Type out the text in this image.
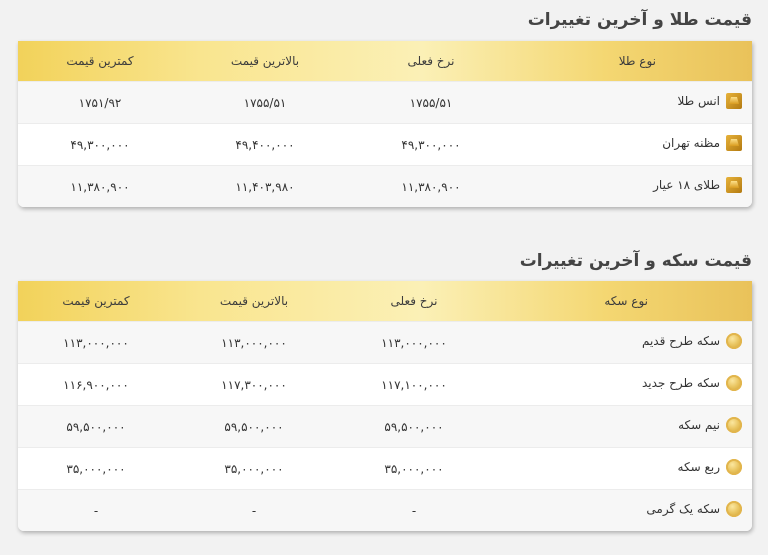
قیمت طلا و آخرین تغییرات
نوع طلا	نرخ فعلی	بالاترین قیمت	کمترین قیمت

انس طلا	۱۷۵۵/۵۱	۱۷۵۵/۵۱	۱۷۵۱/۹۲

مظنه تهران	۴۹,۳۰۰,۰۰۰	۴۹,۴۰۰,۰۰۰	۴۹,۳۰۰,۰۰۰

طلای ۱۸ عیار	۱۱,۳۸۰,۹۰۰	۱۱,۴۰۳,۹۸۰	۱۱,۳۸۰,۹۰۰
قیمت سکه و آخرین تغییرات
نوع سکه	نرخ فعلی	بالاترین قیمت	کمترین قیمت

سکه طرح قدیم	۱۱۳,۰۰۰,۰۰۰	۱۱۳,۰۰۰,۰۰۰	۱۱۳,۰۰۰,۰۰۰

سکه طرح جدید	۱۱۷,۱۰۰,۰۰۰	۱۱۷,۳۰۰,۰۰۰	۱۱۶,۹۰۰,۰۰۰

نیم سکه	۵۹,۵۰۰,۰۰۰	۵۹,۵۰۰,۰۰۰	۵۹,۵۰۰,۰۰۰

ربع سکه	۳۵,۰۰۰,۰۰۰	۳۵,۰۰۰,۰۰۰	۳۵,۰۰۰,۰۰۰

سکه یک گرمی	-	-	-
